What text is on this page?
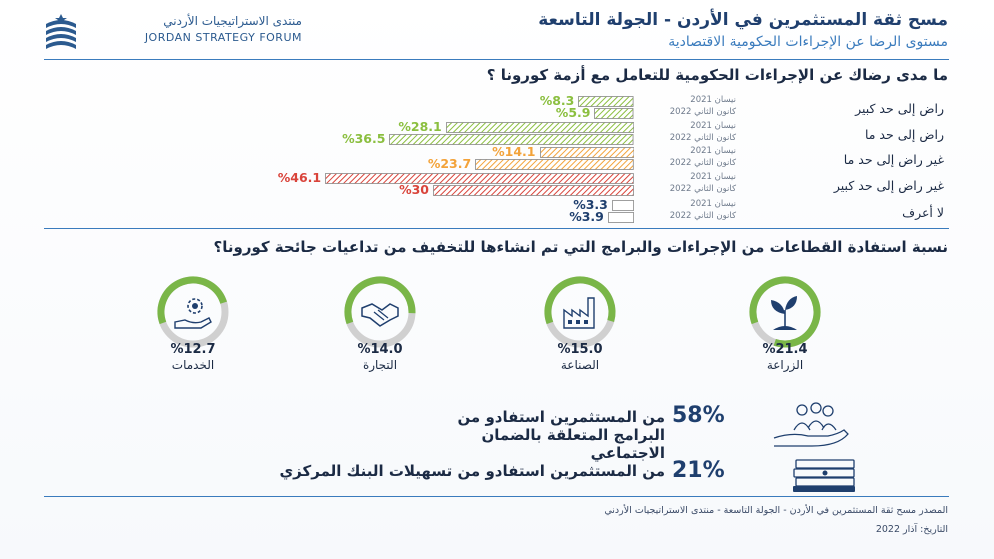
منتدى الاستراتيجيات الأردني
JORDAN STRATEGY FORUM
مسح ثقة المستثمرين في الأردن - الجولة التاسعة
مستوى الرضا عن الإجراءات الحكومية الاقتصادية
ما مدى رضاك عن الإجراءات الحكومية للتعامل مع أزمة كورونا ؟
راض إلى حد كبير
نيسان 2021
%8.3
كانون الثاني 2022
%5.9
راض إلى حد ما
نيسان 2021
%28.1
كانون الثاني 2022
%36.5
غير راض إلى حد ما
نيسان 2021
%14.1
كانون الثاني 2022
%23.7
غير راض إلى حد كبير
نيسان 2021
%46.1
كانون الثاني 2022
%30
لا أعرف
نيسان 2021
%3.3
كانون الثاني 2022
%3.9
نسبة استفادة القطاعات من الإجراءات والبرامج التي تم انشاءها للتخفيف من تداعيات جائحة كورونا؟
%21.4
الزراعة
%15.0
الصناعة
%14.0
التجارة
%12.7
الخدمات
58%
من المستثمرين استفادو من البرامج المتعلقة بالضمان الاجتماعي
21%
من المستثمرين استفادو من تسهيلات البنك المركزي
المصدر مسح ثقة المستثمرين في الأردن - الجولة التاسعة - منتدى الاستراتيجيات الأردني
التاريخ: آذار 2022
